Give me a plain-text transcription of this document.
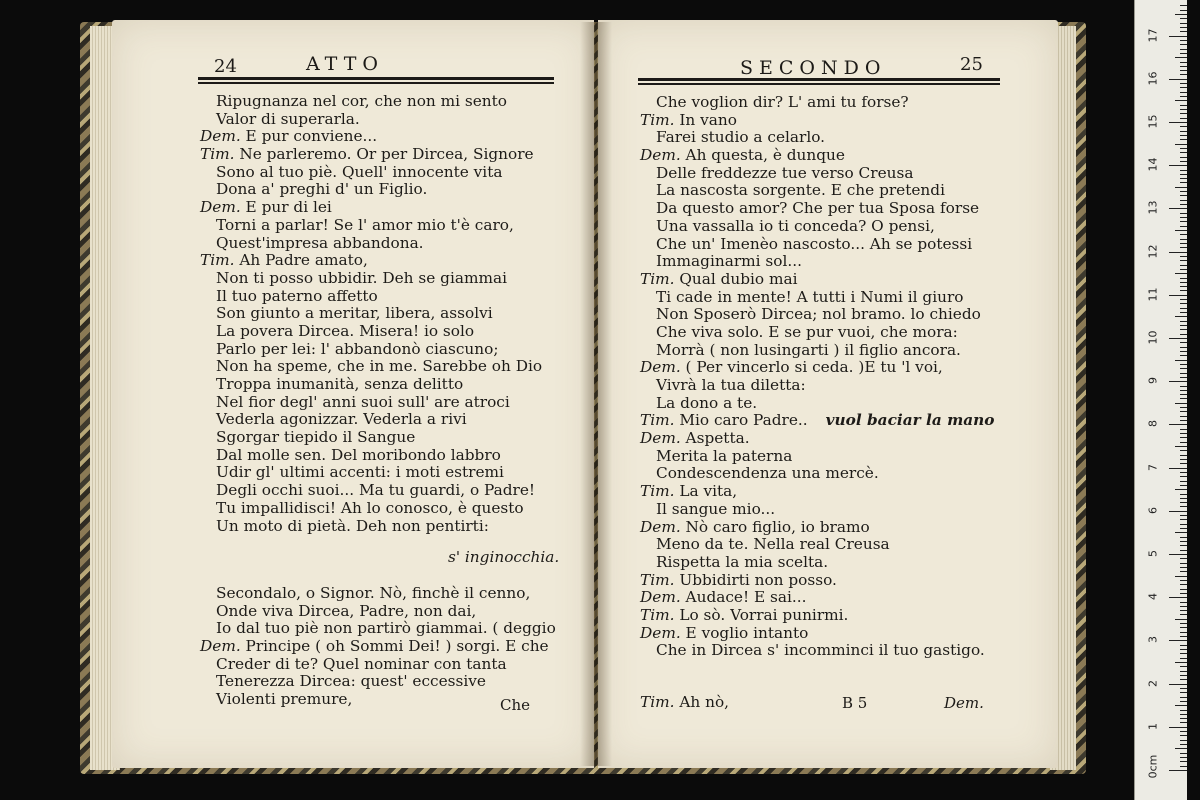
24	ATTO
Ripugnanza nel cor, che non mi sento
Valor di superarla.
Dem. E pur conviene...
Tim. Ne parleremo. Or per Dircea, Signore
Sono al tuo piè. Quell' innocente vita
Dona a' preghi d' un Figlio.
Dem. E pur di lei
Torni a parlar! Se l' amor mio t'è caro,
Quest'impresa abbandona.
Tim. Ah Padre amato,
Non ti posso ubbidir. Deh se giammai
Il tuo paterno affetto
Son giunto a meritar, libera, assolvi
La povera Dircea. Misera! io solo
Parlo per lei: l' abbandonò ciascuno;
Non ha speme, che in me. Sarebbe oh Dio
Troppa inumanità, senza delitto
Nel fior degl' anni suoi sull' are atroci
Vederla agonizzar. Vederla a rivi
Sgorgar tiepido il Sangue
Dal molle sen. Del moribondo labbro
Udir gl' ultimi accenti: i moti estremi
Degli occhi suoi... Ma tu guardi, o Padre!
Tu impallidisci! Ah lo conosco, è questo
Un moto di pietà. Deh non pentirti:
s' inginocchia.
Secondalo, o Signor. Nò, finchè il cenno,
Onde viva Dircea, Padre, non dai,
Io dal tuo piè non partirò giammai. ( deggio
Dem. Principe ( oh Sommi Dei! ) sorgi. E che
Creder di te? Quel nominar con tanta
Tenerezza Dircea: quest' eccessive
Violenti premure,	Che
SECONDO	25
Che voglion dir? L' ami tu forse?
Tim. In vano
Farei studio a celarlo.
Dem. Ah questa, è dunque
Delle freddezze tue verso Creusa
La nascosta sorgente. E che pretendi
Da questo amor? Che per tua Sposa forse
Una vassalla io ti conceda? O pensi,
Che un' Imenèo nascosto... Ah se potessi
Immaginarmi sol...
Tim. Qual dubio mai
Ti cade in mente! A tutti i Numi il giuro
Non Sposerò Dircea; nol bramo. lo chiedo
Che viva solo. E se pur vuoi, che mora:
Morrà ( non lusingarti ) il figlio ancora.
Dem. ( Per vincerlo si ceda. )E tu 'l voi,
Vivrà la tua diletta:
La dono a te.
Tim. Mio caro Padre.. vuol baciar la mano
Dem. Aspetta.
Merita la paterna
Condescendenza una mercè.
Tim. La vita,
Il sangue mio...
Dem. Nò caro figlio, io bramo
Meno da te. Nella real Creusa
Rispetta la mia scelta.
Tim. Ubbidirti non posso.
Dem. Audace! E sai...
Tim. Lo sò. Vorrai punirmi.
Dem. E voglio intanto
Che in Dircea s' incomminci il tuo gastigo.
Tim. Ah nò,	B 5	Dem.
0cm
1
2
3
4
5
6
7
8
9
10
11
12
13
14
15
16
17
